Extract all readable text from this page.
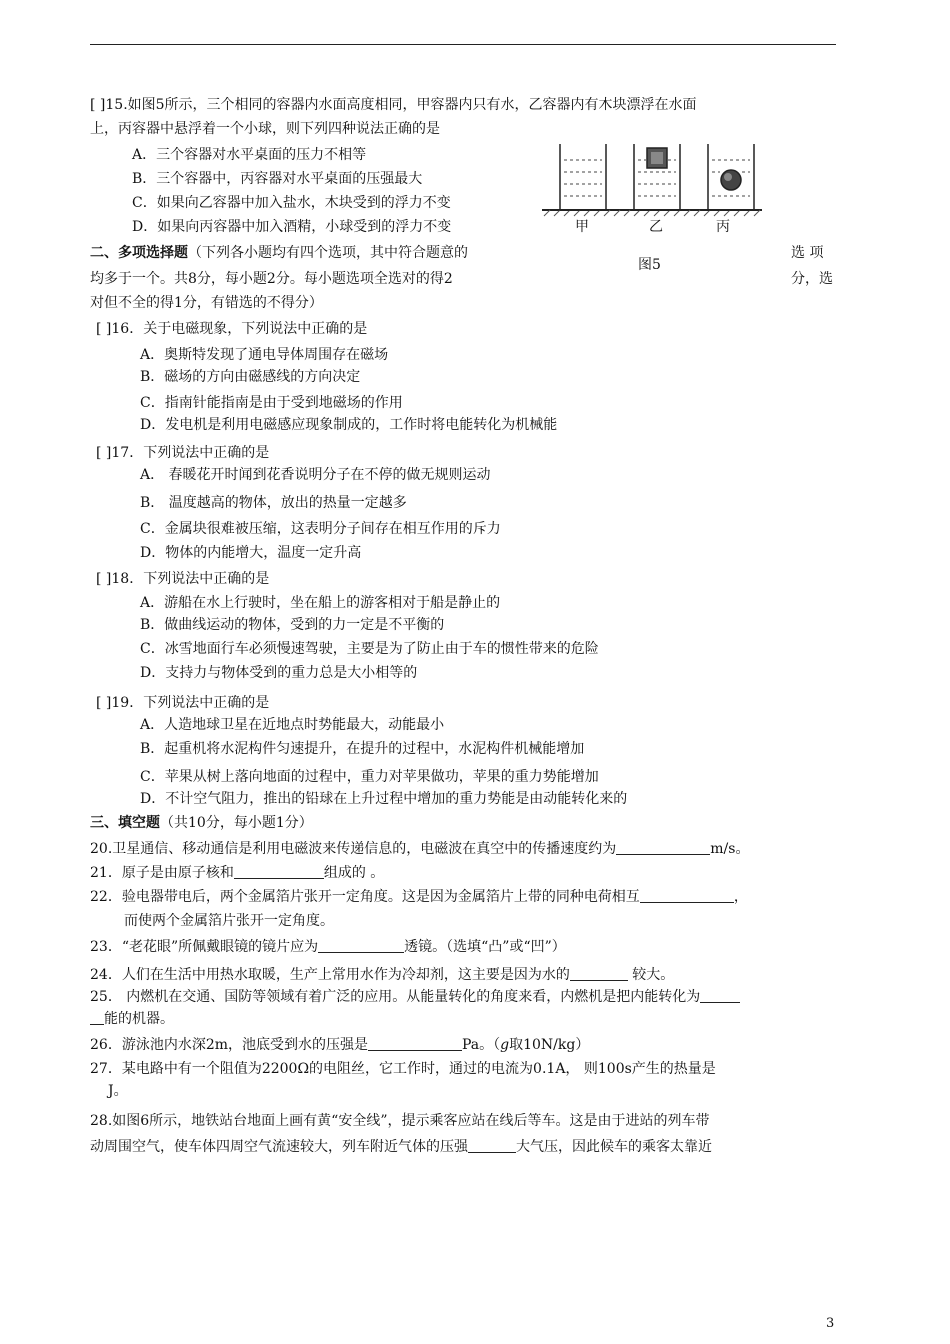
[ ]15.如图5所示，三个相同的容器内水面高度相同，甲容器内只有水，乙容器内有木块漂浮在水面
上，丙容器中悬浮着一个小球，则下列四种说法正确的是
A．三个容器对水平桌面的压力不相等
B．三个容器中，丙容器对水平桌面的压强最大
C．如果向乙容器中加入盐水，木块受到的浮力不变
D．如果向丙容器中加入酒精，小球受到的浮力不变	甲	乙	丙
图5
二、多项选择题（下列各小题均有四个选项，其中符合题意的	选 项
均多于一个。共8分，每小题2分。每小题选项全选对的得2	分，选
对但不全的得1分，有错选的不得分）
[ ]16．关于电磁现象，下列说法中正确的是
A．奥斯特发现了通电导体周围存在磁场
B．磁场的方向由磁感线的方向决定
C．指南针能指南是由于受到地磁场的作用
D．发电机是利用电磁感应现象制成的，工作时将电能转化为机械能
[ ]17．下列说法中正确的是
A． 春暖花开时闻到花香说明分子在不停的做无规则运动
B． 温度越高的物体，放出的热量一定越多
C．金属块很难被压缩，这表明分子间存在相互作用的斥力
D．物体的内能增大，温度一定升高
[ ]18．下列说法中正确的是
A．游船在水上行驶时，坐在船上的游客相对于船是静止的
B．做曲线运动的物体，受到的力一定是不平衡的
C．冰雪地面行车必须慢速驾驶，主要是为了防止由于车的惯性带来的危险
D．支持力与物体受到的重力总是大小相等的
[ ]19．下列说法中正确的是
A．人造地球卫星在近地点时势能最大，动能最小
B．起重机将水泥构件匀速提升，在提升的过程中，水泥构件机械能增加
C．苹果从树上落向地面的过程中，重力对苹果做功，苹果的重力势能增加
D．不计空气阻力，推出的铅球在上升过程中增加的重力势能是由动能转化来的
三、填空题（共10分，每小题1分）
20.卫星通信、移动通信是利用电磁波来传递信息的，电磁波在真空中的传播速度约为	m/s。
21．原子是由原子核和	组成的 。
22．验电器带电后，两个金属箔片张开一定角度。这是因为金属箔片上带的同种电荷相互	，
而使两个金属箔片张开一定角度。
23．“老花眼”所佩戴眼镜的镜片应为	透镜。（选填“凸”或“凹”）
24．人们在生活中用热水取暖，生产上常用水作为冷却剂，这主要是因为水的	较大。
25． 内燃机在交通、国防等领域有着广泛的应用。从能量转化的角度来看，内燃机是把内能转化为
能的机器。
26．游泳池内水深2m，池底受到水的压强是	Pa。（g取10N/kg）
27．某电路中有一个阻值为2200Ω的电阻丝，它工作时，通过的电流为0.1A， 则100s产生的热量是
J。
28.如图6所示，地铁站台地面上画有黄“安全线”，提示乘客应站在线后等车。这是由于进站的列车带
动周围空气，使车体四周空气流速较大，列车附近气体的压强	大气压，因此候车的乘客太靠近
3
